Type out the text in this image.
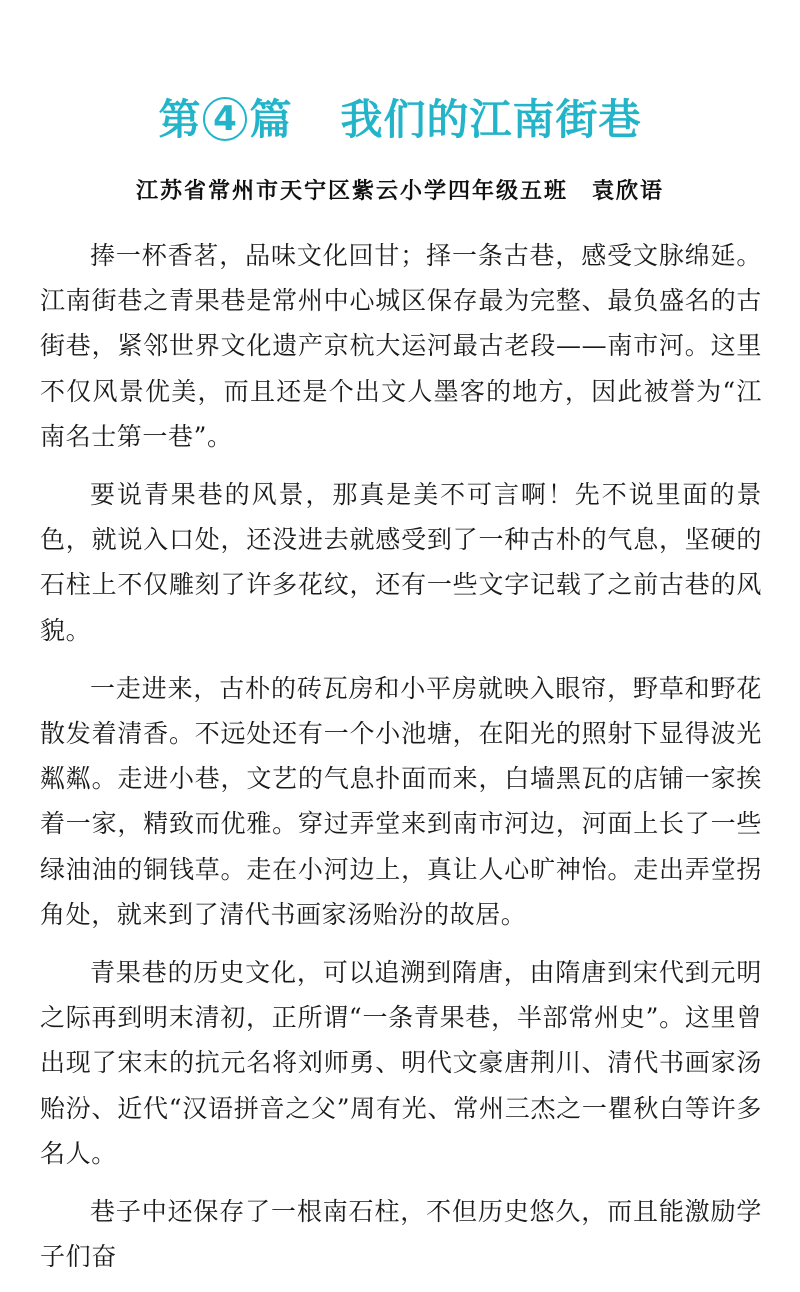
第 4 篇 我们的江南街巷
江苏省常州市天宁区紫云小学四年级五班 袁欣语

捧一杯香茗，品味文化回甘；择一条古巷，感受文脉绵延。江南街巷之青果巷是常州中心城区保存最为完整、最负盛名的古街巷，紧邻世界文化遗产京杭大运河最古老段——南市河。这里不仅风景优美，而且还是个出文人墨客的地方，因此被誉为“江南名士第一巷”。

要说青果巷的风景，那真是美不可言啊！先不说里面的景色，就说入口处，还没进去就感受到了一种古朴的气息，坚硬的石柱上不仅雕刻了许多花纹，还有一些文字记载了之前古巷的风貌。

一走进来，古朴的砖瓦房和小平房就映入眼帘，野草和野花散发着清香。不远处还有一个小池塘，在阳光的照射下显得波光粼粼。走进小巷，文艺的气息扑面而来，白墙黑瓦的店铺一家挨着一家，精致而优雅。穿过弄堂来到南市河边，河面上长了一些绿油油的铜钱草。走在小河边上，真让人心旷神怡。走出弄堂拐角处，就来到了清代书画家汤贻汾的故居。

青果巷的历史文化，可以追溯到隋唐，由隋唐到宋代到元明之际再到明末清初，正所谓“一条青果巷，半部常州史”。这里曾出现了宋末的抗元名将刘师勇、明代文豪唐荆川、清代书画家汤贻汾、近代“汉语拼音之父”周有光、常州三杰之一瞿秋白等许多名人。

巷子中还保存了一根南石柱，不但历史悠久，而且能激励学子们奋
